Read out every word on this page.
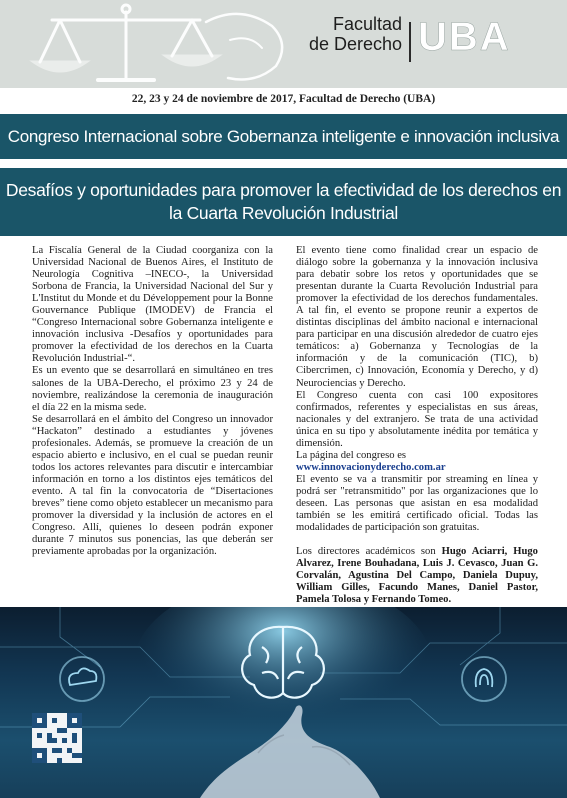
Facultad
de Derecho UBA
22, 23 y 24 de noviembre de 2017, Facultad de Derecho (UBA)
Congreso Internacional sobre Gobernanza inteligente e innovación inclusiva
Desafíos y oportunidades para promover la efectividad de los derechos en
la Cuarta Revolución Industrial

La Fiscalía General de la Ciudad coorganiza con la Universidad Nacional de Buenos Aires, el Instituto de Neurología Cognitiva –INECO-, la Universidad Sorbona de Francia, la Universidad Nacional del Sur y L'Institut du Monde et du Développement pour la Bonne Gouvernance Publique (IMODEV) de Francia el “Congreso Internacional sobre Gobernanza inteligente e innovación inclusiva -Desafíos y oportunidades para promover la efectividad de los derechos en la Cuarta Revolución Industrial-“.

Es un evento que se desarrollará en simultáneo en tres salones de la UBA-Derecho, el próximo 23 y 24 de noviembre, realizándose la ceremonia de inauguración el día 22 en la misma sede.

Se desarrollará en el ámbito del Congreso un innovador “Hackaton” destinado a estudiantes y jóvenes profesionales. Además, se promueve la creación de un espacio abierto e inclusivo, en el cual se puedan reunir todos los actores relevantes para discutir e intercambiar información en torno a los distintos ejes temáticos del evento. A tal fin la convocatoria de “Disertaciones breves” tiene como objeto establecer un mecanismo para promover la diversidad y la inclusión de actores en el Congreso. Allí, quienes lo deseen podrán exponer durante 7 minutos sus ponencias, las que deberán ser previamente aprobadas por la organización.

El evento tiene como finalidad crear un espacio de diálogo sobre la gobernanza y la innovación inclusiva para debatir sobre los retos y oportunidades que se presentan durante la Cuarta Revolución Industrial para promover la efectividad de los derechos fundamentales. A tal fin, el evento se propone reunir a expertos de distintas disciplinas del ámbito nacional e internacional para participar en una discusión alrededor de cuatro ejes temáticos: a) Gobernanza y Tecnologías de la información y de la comunicación (TIC), b) Cibercrimen, c) Innovación, Economía y Derecho, y d) Neurociencias y Derecho.

El Congreso cuenta con casi 100 expositores confirmados, referentes y especialistas en sus áreas, nacionales y del extranjero. Se trata de una actividad única en su tipo y absolutamente inédita por temática y dimensión.

La página del congreso es

www.innovacionyderecho.com.ar

El evento se va a transmitir por streaming en línea y podrá ser "retransmitido" por las organizaciones que lo deseen. Las personas que asistan en esa modalidad también se les emitirá certificado oficial. Todas las modalidades de participación son gratuitas.

Los directores académicos son Hugo Aciarri, Hugo Alvarez, Irene Bouhadana, Luis J. Cevasco, Juan G. Corvalán, Agustina Del Campo, Daniela Dupuy, William Gilles, Facundo Manes, Daniel Pastor, Pamela Tolosa y Fernando Tomeo.
